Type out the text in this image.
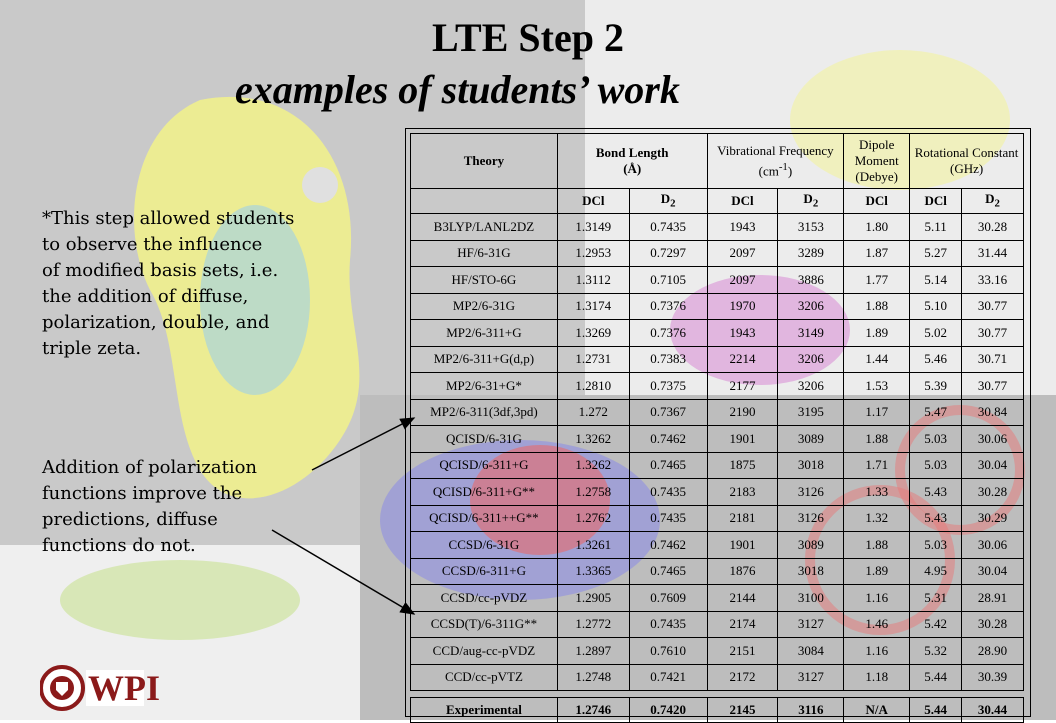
LTE Step 2
examples of students’ work
*This step allowed students
to observe the influence
of modified basis sets, i.e.
the addition of diffuse,
polarization, double, and
triple zeta.
Addition of polarization
functions improve the
predictions, diffuse
functions do not.
Theory	Bond Length
(Å)		Vibrational Frequency
$(cm^{-1})$		Dipole Moment
(Debye)	Rotational Constant
(GHz)	
	DCl	$D_2$	DCl	$D_2$	DCl	DCl	$D_2$
B3LYP/LANL2DZ	1.3149	0.7435	1943	3153	1.80	5.11	30.28
HF/6-31G	1.2953	0.7297	2097	3289	1.87	5.27	31.44
HF/STO-6G	1.3112	0.7105	2097	3886	1.77	5.14	33.16
MP2/6-31G	1.3174	0.7376	1970	3206	1.88	5.10	30.77
MP2/6-311+G	1.3269	0.7376	1943	3149	1.89	5.02	30.77
MP2/6-311+G(d,p)	1.2731	0.7383	2214	3206	1.44	5.46	30.71
MP2/6-31+G*	1.2810	0.7375	2177	3206	1.53	5.39	30.77
MP2/6-311(3df,3pd)	1.272	0.7367	2190	3195	1.17	5.47	30.84
QCISD/6-31G	1.3262	0.7462	1901	3089	1.88	5.03	30.06
QCISD/6-311+G	1.3262	0.7465	1875	3018	1.71	5.03	30.04
QCISD/6-311+G**	1.2758	0.7435	2183	3126	1.33	5.43	30.28
QCISD/6-311++G**	1.2762	0.7435	2181	3126	1.32	5.43	30.29
CCSD/6-31G	1.3261	0.7462	1901	3089	1.88	5.03	30.06
CCSD/6-311+G	1.3365	0.7465	1876	3018	1.89	4.95	30.04
CCSD/cc-pVDZ	1.2905	0.7609	2144	3100	1.16	5.31	28.91
CCSD(T)/6-311G**	1.2772	0.7435	2174	3127	1.46	5.42	30.28
CCD/aug-cc-pVDZ	1.2897	0.7610	2151	3084	1.16	5.32	28.90
CCD/cc-pVTZ	1.2748	0.7421	2172	3127	1.18	5.44	30.39

Experimental	1.2746	0.7420	2145	3116	N/A	5.44	30.44
WPI
